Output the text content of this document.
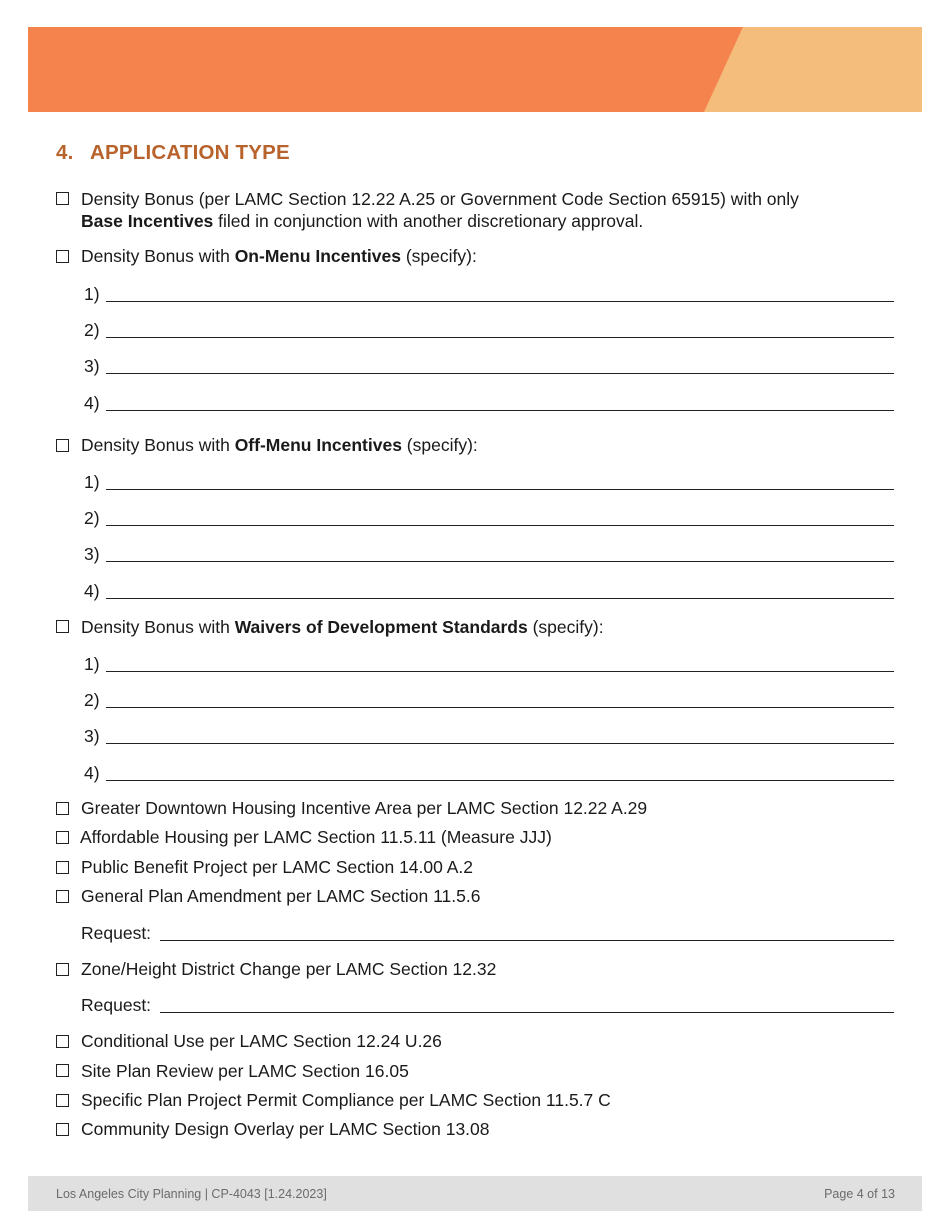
4. APPLICATION TYPE
Density Bonus (per LAMC Section 12.22 A.25 or Government Code Section 65915) with only
Base Incentives filed in conjunction with another discretionary approval.
Density Bonus with On-Menu Incentives (specify):
1)
2)
3)
4)
Density Bonus with Off-Menu Incentives (specify):
1)
2)
3)
4)
Density Bonus with Waivers of Development Standards (specify):
1)
2)
3)
4)
Greater Downtown Housing Incentive Area per LAMC Section 12.22 A.29
Affordable Housing per LAMC Section 11.5.11 (Measure JJJ)
Public Benefit Project per LAMC Section 14.00 A.2
General Plan Amendment per LAMC Section 11.5.6
Request:
Zone/Height District Change per LAMC Section 12.32
Request:
Conditional Use per LAMC Section 12.24 U.26
Site Plan Review per LAMC Section 16.05
Specific Plan Project Permit Compliance per LAMC Section 11.5.7 C
Community Design Overlay per LAMC Section 13.08
Los Angeles City Planning | CP-4043 [1.24.2023]	Page 4 of 13
